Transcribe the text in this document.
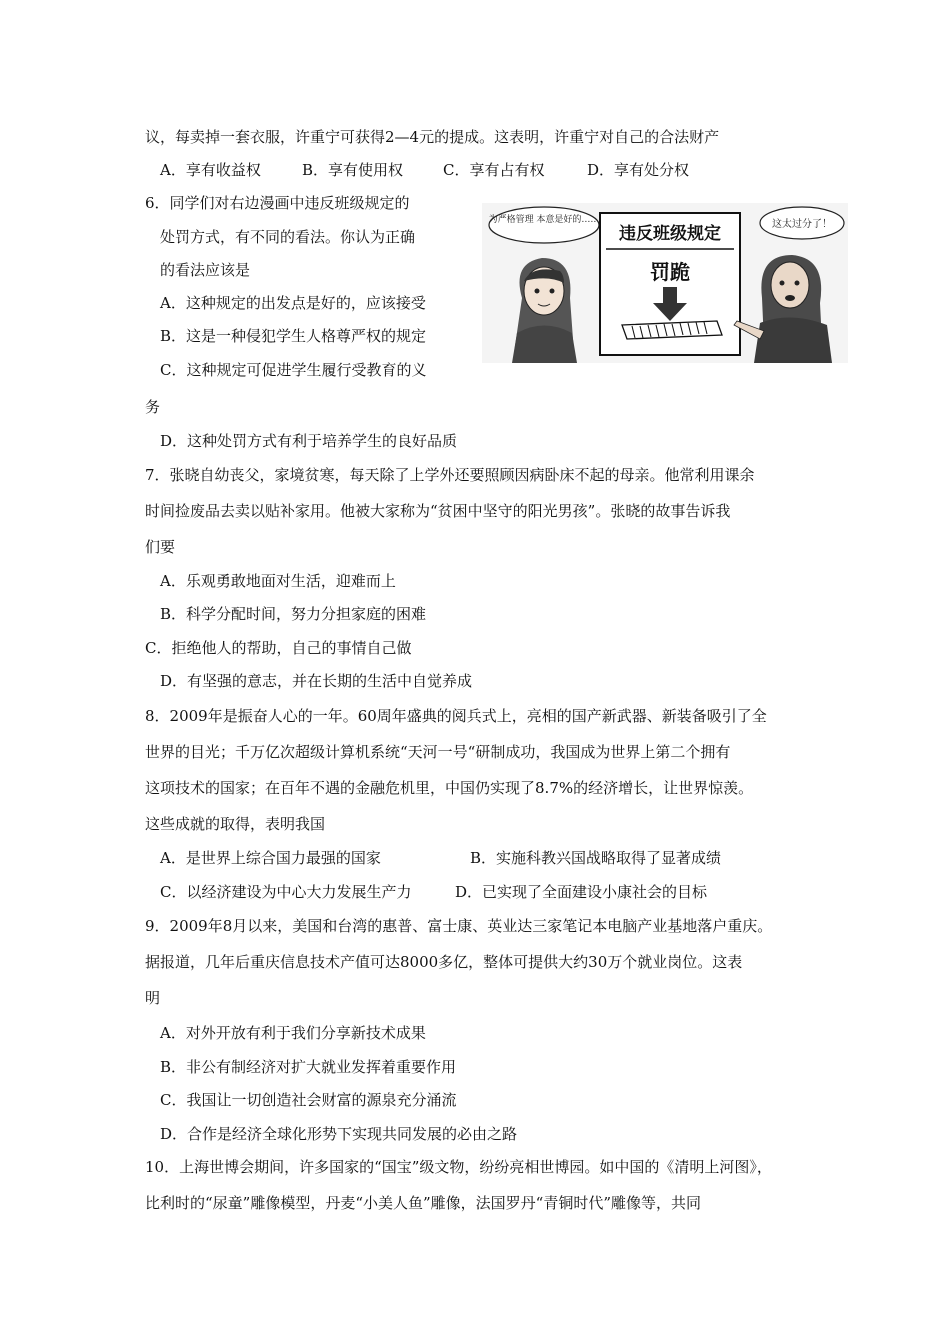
议，每卖掉一套衣服，许重宁可获得2—4元的提成。这表明，许重宁对自己的合法财产
A．享有收益权	B．享有使用权	C．享有占有权	D．享有处分权
6．同学们对右边漫画中违反班级规定的
处罚方式，有不同的看法。你认为正确
的看法应该是
A．这种规定的出发点是好的，应该接受
B．这是一种侵犯学生人格尊严权的规定
C．这种规定可促进学生履行受教育的义
务
D．这种处罚方式有利于培养学生的良好品质
为严格管理 本意是好的……
违反班级规定
罚跪
这太过分了！
7．张晓自幼丧父，家境贫寒，每天除了上学外还要照顾因病卧床不起的母亲。他常利用课余
时间捡废品去卖以贴补家用。他被大家称为“贫困中坚守的阳光男孩”。张晓的故事告诉我
们要
A．乐观勇敢地面对生活，迎难而上
B．科学分配时间，努力分担家庭的困难
C．拒绝他人的帮助，自己的事情自己做
D．有坚强的意志，并在长期的生活中自觉养成
8．2009年是振奋人心的一年。60周年盛典的阅兵式上，亮相的国产新武器、新装备吸引了全
世界的目光；千万亿次超级计算机系统“天河一号“研制成功，我国成为世界上第二个拥有
这项技术的国家；在百年不遇的金融危机里，中国仍实现了8.7%的经济增长，让世界惊羡。
这些成就的取得，表明我国
A．是世界上综合国力最强的国家	B．实施科教兴国战略取得了显著成绩
C．以经济建设为中心大力发展生产力	D．已实现了全面建设小康社会的目标
9．2009年8月以来，美国和台湾的惠普、富士康、英业达三家笔记本电脑产业基地落户重庆。
据报道，几年后重庆信息技术产值可达8000多亿，整体可提供大约30万个就业岗位。这表
明
A．对外开放有利于我们分享新技术成果
B．非公有制经济对扩大就业发挥着重要作用
C．我国让一切创造社会财富的源泉充分涌流
D．合作是经济全球化形势下实现共同发展的必由之路
10．上海世博会期间，许多国家的“国宝”级文物，纷纷亮相世博园。如中国的《清明上河图》，
比利时的“尿童”雕像模型，丹麦“小美人鱼”雕像，法国罗丹“青铜时代”雕像等，共同
